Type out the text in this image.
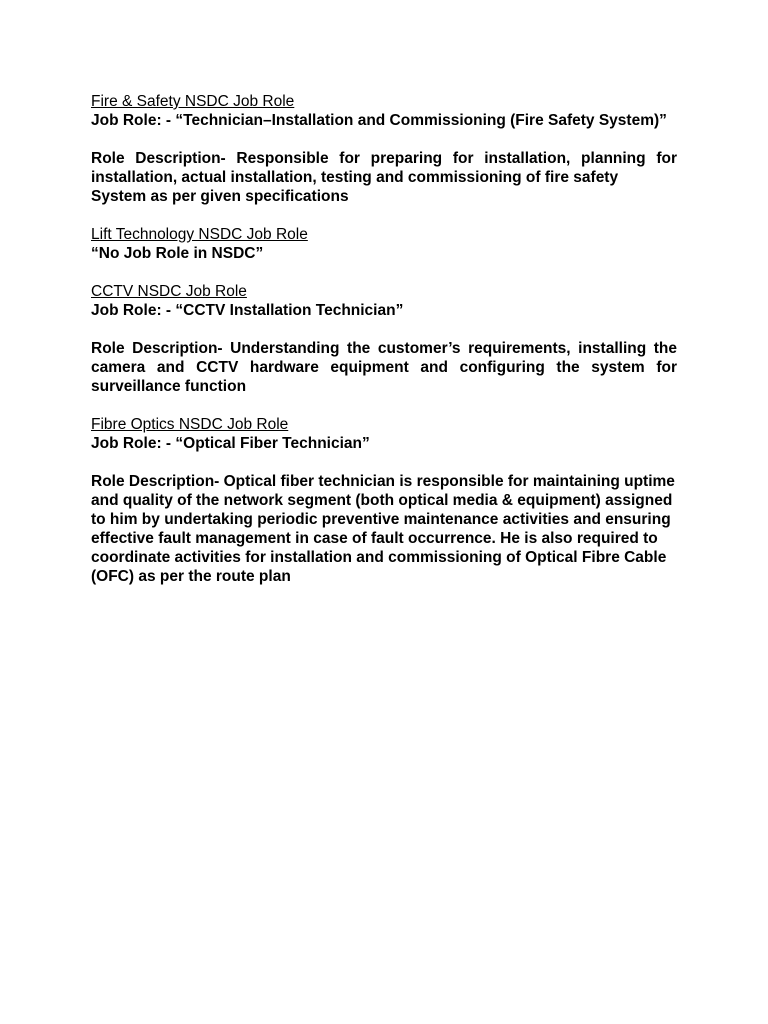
Fire & Safety NSDC Job Role

Job Role: - “Technician–Installation and Commissioning (Fire Safety System)”

Role Description- Responsible for preparing for installation, planning for
installation, actual installation, testing and commissioning of fire safety
System as per given specifications

Lift Technology NSDC Job Role

“No Job Role in NSDC”

CCTV NSDC Job Role

Job Role: - “CCTV Installation Technician”

Role Description- Understanding the customer’s requirements, installing the
camera and CCTV hardware equipment and configuring the system for
surveillance function

Fibre Optics NSDC Job Role

Job Role: - “Optical Fiber Technician”

Role Description- Optical fiber technician is responsible for maintaining uptime
and quality of the network segment (both optical media & equipment) assigned
to him by undertaking periodic preventive maintenance activities and ensuring
effective fault management in case of fault occurrence. He is also required to
coordinate activities for installation and commissioning of Optical Fibre Cable
(OFC) as per the route plan
